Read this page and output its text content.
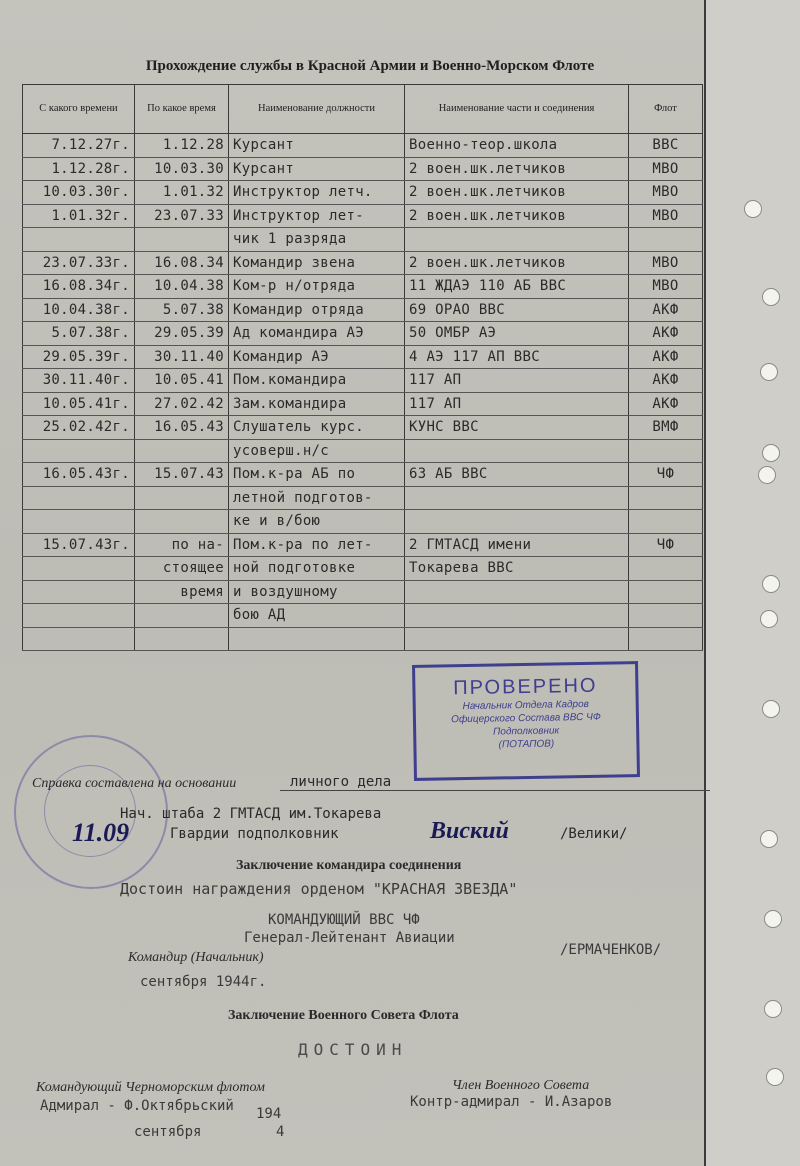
Прохождение службы в Красной Армии и Военно-Морском Флоте
С какого времени	По какое время	Наименование должности	Наименование части и соединения	Флот
7.12.27г.	1.12.28	Курсант	Военно-теор.школа	ВВС
1.12.28г.	10.03.30	Курсант	2 воен.шк.летчиков	МВО
10.03.30г.	1.01.32	Инструктор летч.	2 воен.шк.летчиков	МВО
1.01.32г.	23.07.33	Инструктор лет-	2 воен.шк.летчиков	МВО
		чик 1 разряда		
23.07.33г.	16.08.34	Командир звена	2 воен.шк.летчиков	МВО
16.08.34г.	10.04.38	Ком-р н/отряда	11 ЖДАЭ 110 АБ ВВС	МВО
10.04.38г.	5.07.38	Командир отряда	69 ОРАО ВВС	АКФ
5.07.38г.	29.05.39	Ад командира АЭ	50 ОМБР АЭ	АКФ
29.05.39г.	30.11.40	Командир АЭ	4 АЭ 117 АП ВВС	АКФ
30.11.40г.	10.05.41	Пом.командира	117 АП	АКФ
10.05.41г.	27.02.42	Зам.командира	117 АП	АКФ
25.02.42г.	16.05.43	Слушатель курс.	КУНС ВВС	ВМФ
		усоверш.н/с		
16.05.43г.	15.07.43	Пом.к-ра АБ по	63 АБ ВВС	ЧФ
		летной подготов-		
		ке и в/бою		
15.07.43г.	по на-	Пом.к-ра по лет-	2 ГМТАСД имени	ЧФ
	стоящее	ной подготовке	Токарева ВВС	
	время	и воздушному		
		бою АД		

ПРОВЕРЕНО
Начальник Отдела Кадров
Офицерского Состава ВВС ЧФ
Подполковник
(ПОТАПОВ)
Справка составлена на основании	личного дела
Нач. штаба 2 ГМТАСД им.Токарева
11.09	Гвардии подполковник	Виский	/Велики/
Заключение командира соединения
Достоин награждения орденом "КРАСНАЯ ЗВЕЗДА"
КОМАНДУЮЩИЙ ВВС ЧФ
Генерал-Лейтенант Авиации
/ЕРМАЧЕНКОВ/
Командир (Начальник)
сентября 1944г.
Заключение Военного Совета Флота
ДОСТОИН
Командующий Черноморским флотом	Член Военного Совета
Адмирал - Ф.Октябрьский 194
Контр-адмирал - И.Азаров
сентября	4
